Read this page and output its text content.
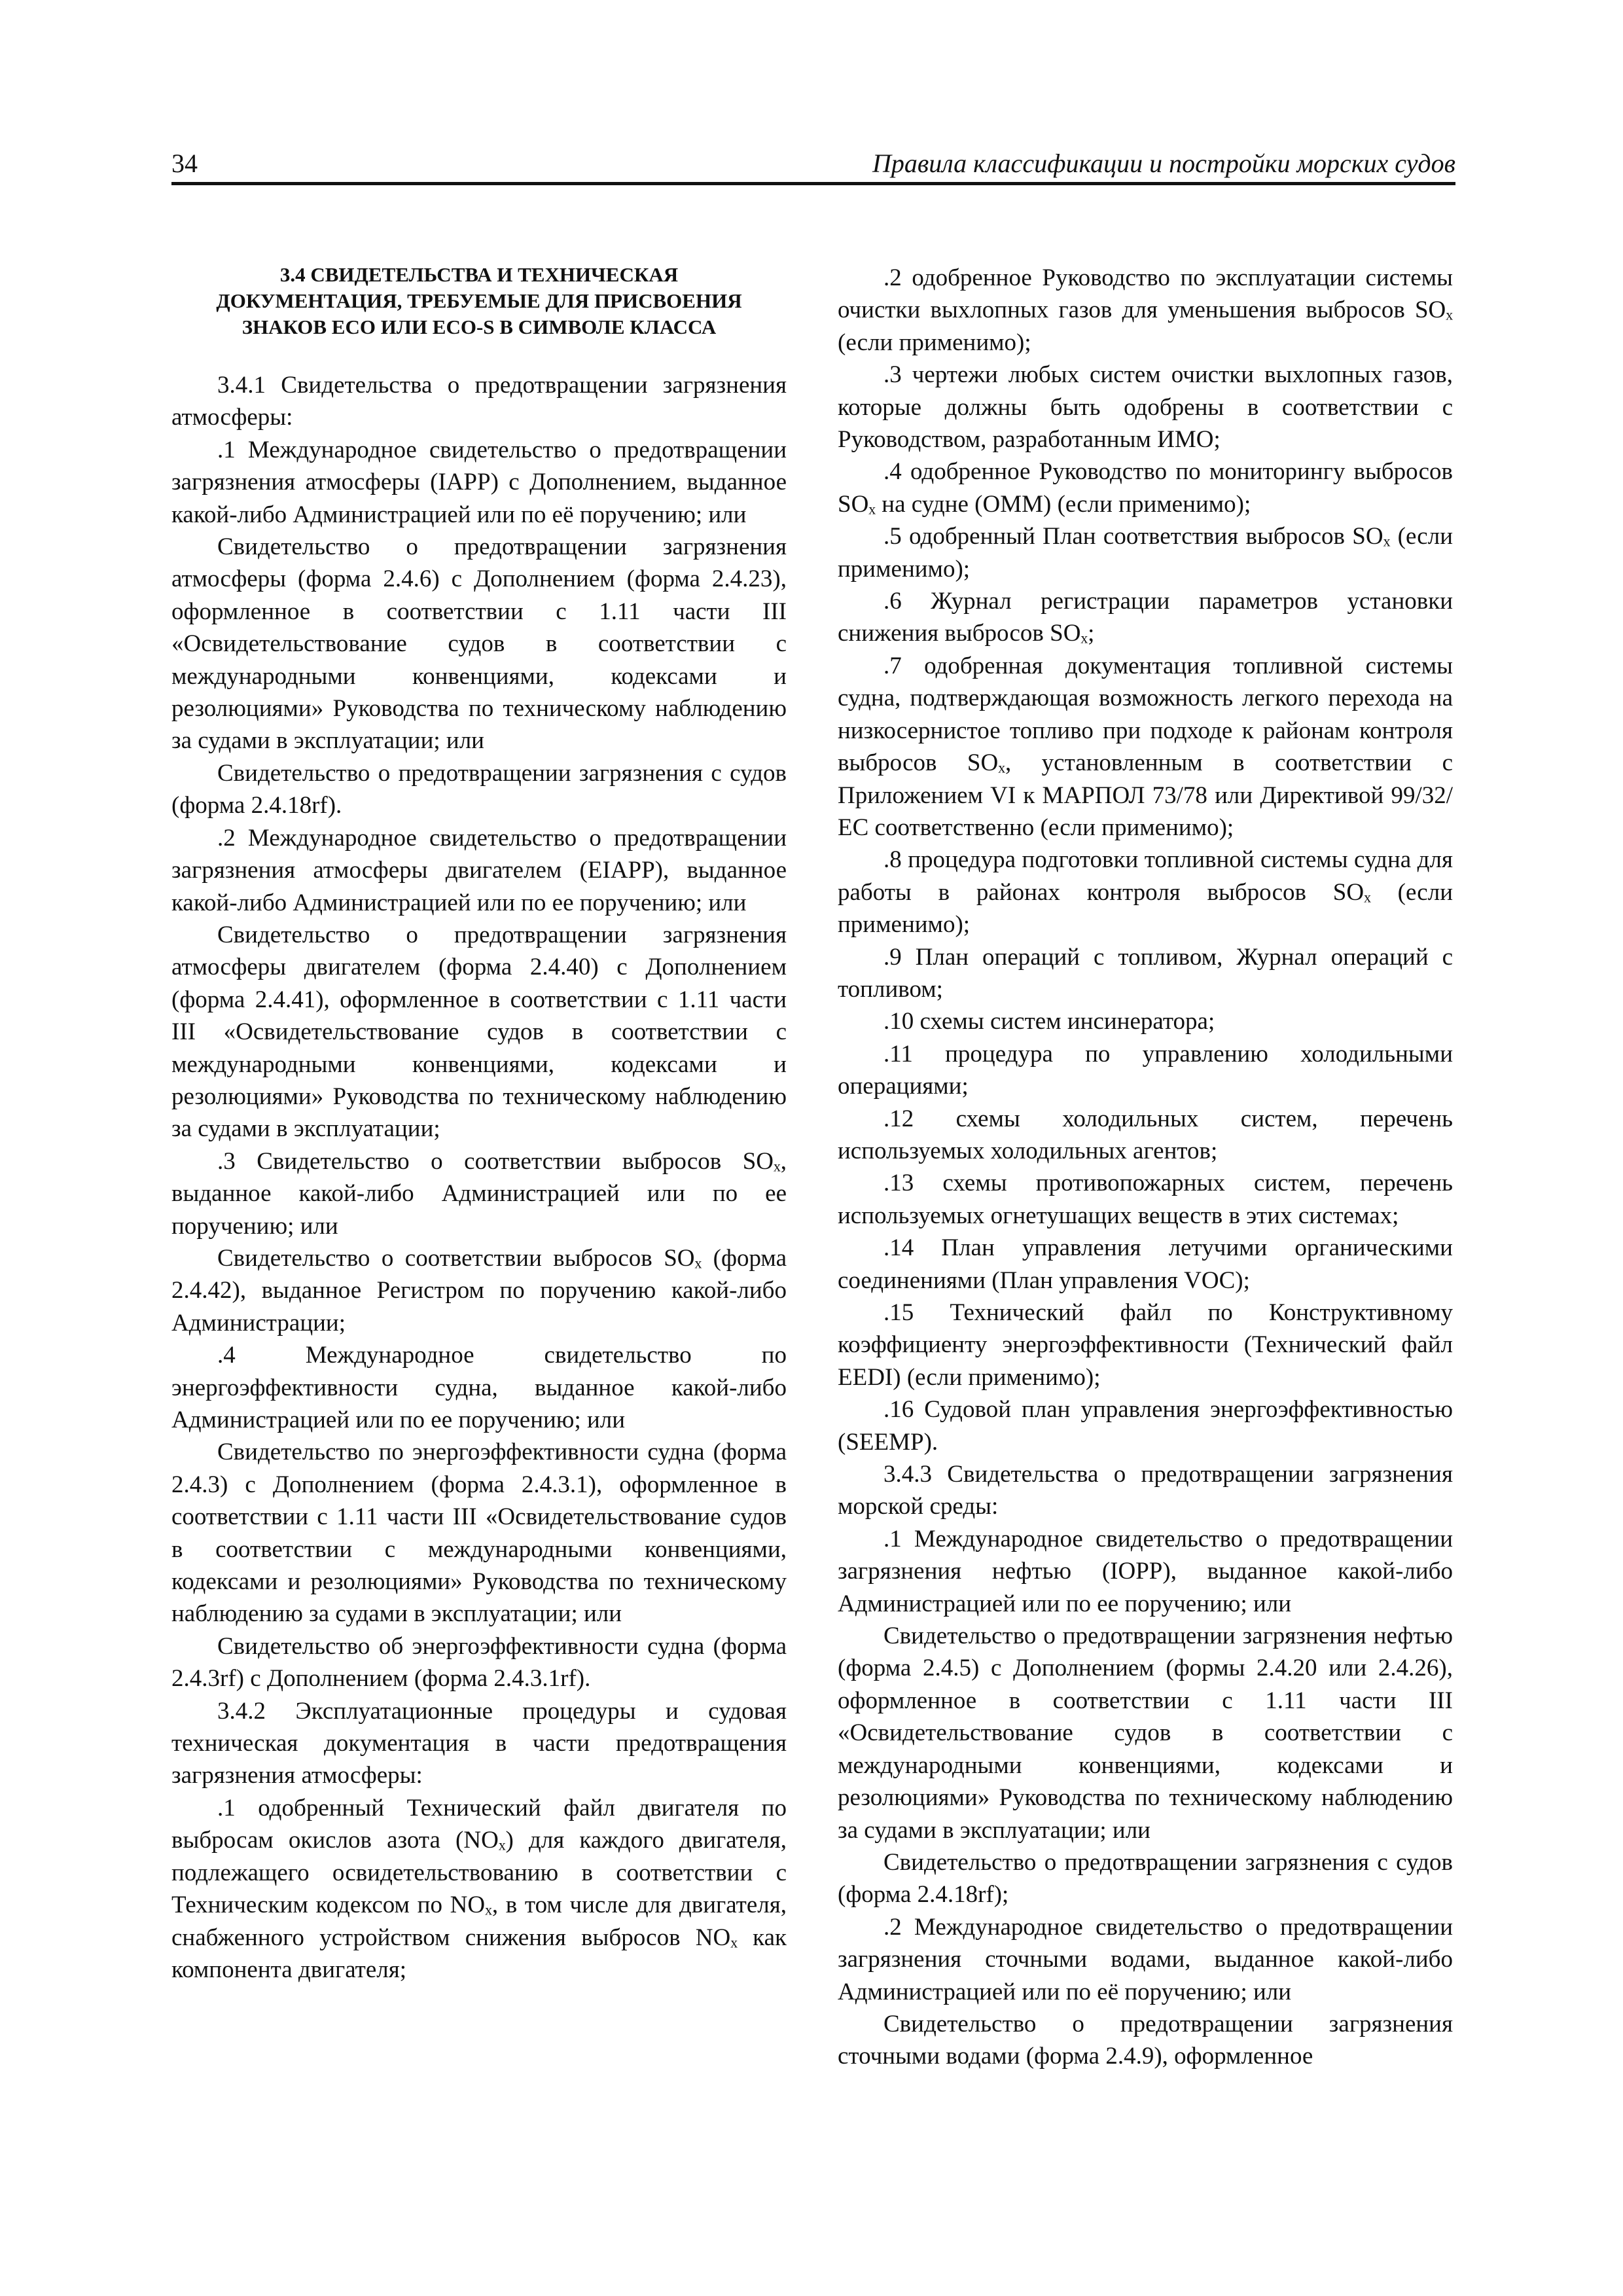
34	Правила классификации и постройки морских судов
3.4 СВИДЕТЕЛЬСТВА И ТЕХНИЧЕСКАЯ ДОКУМЕНТАЦИЯ, ТРЕБУЕМЫЕ ДЛЯ ПРИСВОЕНИЯ ЗНАКОВ ECO ИЛИ ECO-S В СИМВОЛЕ КЛАССА

3.4.1 Свидетельства о предотвращении загрязнения атмосферы:

.1 Международное свидетельство о предотвращении загрязнения атмосферы (IAPP) с Дополнением, выданное какой-либо Администрацией или по её поручению; или

Свидетельство о предотвращении загрязнения атмосферы (форма 2.4.6) с Дополнением (форма 2.4.23), оформленное в соответствии с 1.11 части III «Освидетельствование судов в соответствии с международными конвенциями, кодексами и резолюциями» Руководства по техническому наблюдению за судами в эксплуатации; или

Свидетельство о предотвращении загрязнения с судов (форма 2.4.18rf).

.2 Международное свидетельство о предотвращении загрязнения атмосферы двигателем (EIAPP), выданное какой-либо Администрацией или по ее поручению; или

Свидетельство о предотвращении загрязнения атмосферы двигателем (форма 2.4.40) с Дополнением (форма 2.4.41), оформленное в соответствии с 1.11 части III «Освидетельствование судов в соответствии с международными конвенциями, кодексами и резолюциями» Руководства по техническому наблюдению за судами в эксплуатации;

.3 Свидетельство о соответствии выбросов SOₓ, выданное какой-либо Администрацией или по ее поручению; или

Свидетельство о соответствии выбросов SOₓ (форма 2.4.42), выданное Регистром по поручению какой-либо Администрации;

.4 Международное свидетельство по энергоэффективности судна, выданное какой-либо Администрацией или по ее поручению; или

Свидетельство по энергоэффективности судна (форма 2.4.3) с Дополнением (форма 2.4.3.1), оформленное в соответствии с 1.11 части III «Освидетельствование судов в соответствии с международными конвенциями, кодексами и резолюциями» Руководства по техническому наблюдению за судами в эксплуатации; или

Свидетельство об энергоэффективности судна (форма 2.4.3rf) с Дополнением (форма 2.4.3.1rf).

3.4.2 Эксплуатационные процедуры и судовая техническая документация в части предотвращения загрязнения атмосферы:

.1 одобренный Технический файл двигателя по выбросам окислов азота (NOₓ) для каждого двигателя, подлежащего освидетельствованию в соответствии с Техническим кодексом по NOₓ, в том числе для двигателя, снабженного устройством снижения выбросов NOₓ как компонента двигателя;

.2 одобренное Руководство по эксплуатации системы очистки выхлопных газов для уменьшения выбросов SOₓ (если применимо);

.3 чертежи любых систем очистки выхлопных газов, которые должны быть одобрены в соответствии с Руководством, разработанным ИМО;

.4 одобренное Руководство по мониторингу выбросов SOₓ на судне (ОММ) (если применимо);

.5 одобренный План соответствия выбросов SOₓ (если применимо);

.6 Журнал регистрации параметров установки снижения выбросов SOₓ;

.7 одобренная документация топливной системы судна, подтверждающая возможность легкого перехода на низкосернистое топливо при подходе к районам контроля выбросов SOₓ, установленным в соответствии с Приложением VI к МАРПОЛ 73/78 или Директивой 99/32/ЕС соответственно (если применимо);

.8 процедура подготовки топливной системы судна для работы в районах контроля выбросов SOₓ (если применимо);

.9 План операций с топливом, Журнал операций с топливом;

.10 схемы систем инсинератора;

.11 процедура по управлению холодильными операциями;

.12 схемы холодильных систем, перечень используемых холодильных агентов;

.13 схемы противопожарных систем, перечень используемых огнетушащих веществ в этих системах;

.14 План управления летучими органическими соединениями (План управления VOC);

.15 Технический файл по Конструктивному коэффициенту энергоэффективности (Технический файл EEDI) (если применимо);

.16 Судовой план управления энергоэффективностью (SEEMP).

3.4.3 Свидетельства о предотвращении загрязнения морской среды:

.1 Международное свидетельство о предотвращении загрязнения нефтью (IOPP), выданное какой-либо Администрацией или по ее поручению; или

Свидетельство о предотвращении загрязнения нефтью (форма 2.4.5) с Дополнением (формы 2.4.20 или 2.4.26), оформленное в соответствии с 1.11 части III «Освидетельствование судов в соответствии с международными конвенциями, кодексами и резолюциями» Руководства по техническому наблюдению за судами в эксплуатации; или

Свидетельство о предотвращении загрязнения с судов (форма 2.4.18rf);

.2 Международное свидетельство о предотвращении загрязнения сточными водами, выданное какой-либо Администрацией или по её поручению; или

Свидетельство о предотвращении загрязнения сточными водами (форма 2.4.9), оформленное
